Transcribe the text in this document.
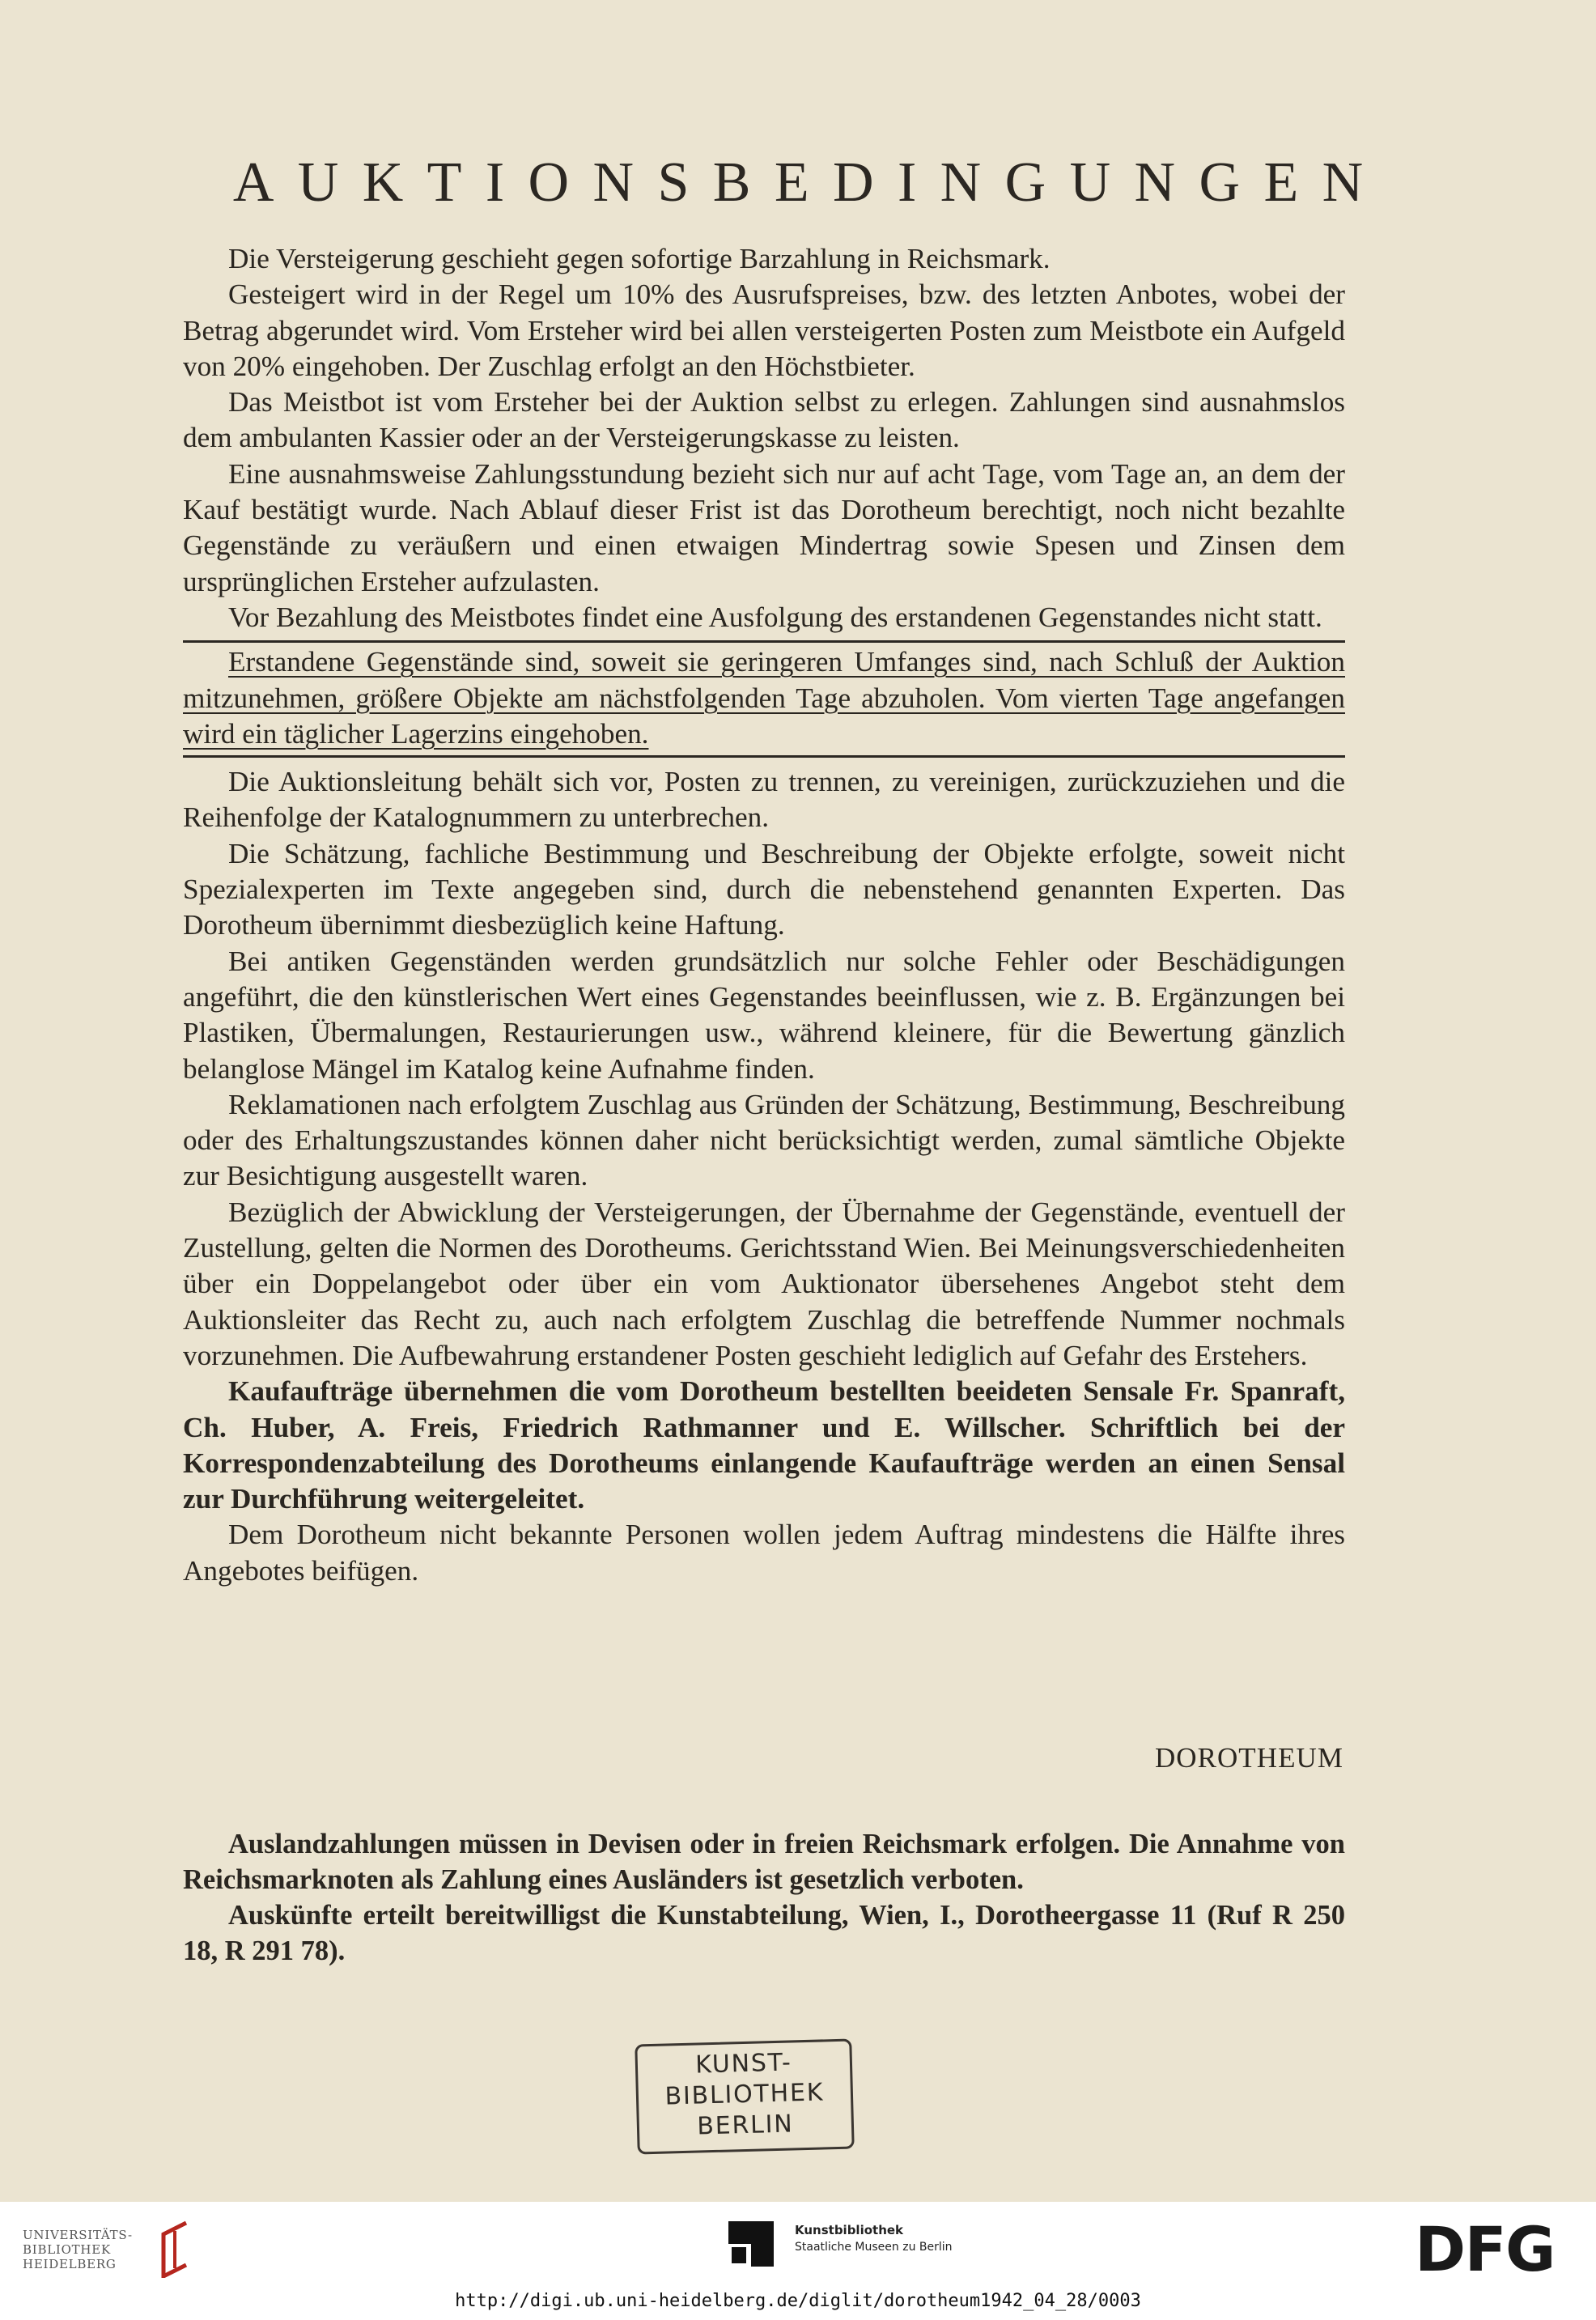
AUKTIONSBEDINGUNGEN

Die Versteigerung geschieht gegen sofortige Barzahlung in Reichsmark.

Gesteigert wird in der Regel um 10% des Ausrufspreises, bzw. des letzten Anbotes, wobei der Betrag abgerundet wird. Vom Ersteher wird bei allen versteigerten Posten zum Meistbote ein Aufgeld von 20% eingehoben. Der Zuschlag erfolgt an den Höchstbieter.

Das Meistbot ist vom Ersteher bei der Auktion selbst zu erlegen. Zahlungen sind ausnahmslos dem ambulanten Kassier oder an der Versteigerungskasse zu leisten.

Eine ausnahmsweise Zahlungsstundung bezieht sich nur auf acht Tage, vom Tage an, an dem der Kauf bestätigt wurde. Nach Ablauf dieser Frist ist das Dorotheum berechtigt, noch nicht bezahlte Gegenstände zu veräußern und einen etwaigen Mindertrag sowie Spesen und Zinsen dem ursprünglichen Ersteher aufzulasten.

Vor Bezahlung des Meistbotes findet eine Ausfolgung des erstandenen Gegenstandes nicht statt.

Erstandene Gegenstände sind, soweit sie geringeren Umfanges sind, nach Schluß der Auktion mitzunehmen, größere Objekte am nächstfolgenden Tage abzuholen. Vom vierten Tage angefangen wird ein täglicher Lagerzins eingehoben.

Die Auktionsleitung behält sich vor, Posten zu trennen, zu vereinigen, zurückzuziehen und die Reihenfolge der Katalognummern zu unterbrechen.

Die Schätzung, fachliche Bestimmung und Beschreibung der Objekte erfolgte, soweit nicht Spezialexperten im Texte angegeben sind, durch die nebenstehend genannten Experten. Das Dorotheum übernimmt diesbezüglich keine Haftung.

Bei antiken Gegenständen werden grundsätzlich nur solche Fehler oder Beschädigungen angeführt, die den künstlerischen Wert eines Gegenstandes beeinflussen, wie z. B. Ergänzungen bei Plastiken, Übermalungen, Restaurierungen usw., während kleinere, für die Bewertung gänzlich belanglose Mängel im Katalog keine Aufnahme finden.

Reklamationen nach erfolgtem Zuschlag aus Gründen der Schätzung, Bestimmung, Beschreibung oder des Erhaltungszustandes können daher nicht berücksichtigt werden, zumal sämtliche Objekte zur Besichtigung ausgestellt waren.

Bezüglich der Abwicklung der Versteigerungen, der Übernahme der Gegenstände, eventuell der Zustellung, gelten die Normen des Dorotheums. Gerichtsstand Wien. Bei Meinungsverschiedenheiten über ein Doppelangebot oder über ein vom Auktionator übersehenes Angebot steht dem Auktionsleiter das Recht zu, auch nach erfolgtem Zuschlag die betreffende Nummer nochmals vorzunehmen. Die Aufbewahrung erstandener Posten geschieht lediglich auf Gefahr des Erstehers.

Kaufaufträge übernehmen die vom Dorotheum bestellten beeideten Sensale Fr. Spanraft, Ch. Huber, A. Freis, Friedrich Rathmanner und E. Willscher. Schriftlich bei der Korrespondenzabteilung des Dorotheums einlangende Kaufaufträge werden an einen Sensal zur Durchführung weitergeleitet.

Dem Dorotheum nicht bekannte Personen wollen jedem Auftrag mindestens die Hälfte ihres Angebotes beifügen.

DOROTHEUM

Auslandzahlungen müssen in Devisen oder in freien Reichsmark erfolgen. Die Annahme von Reichsmarknoten als Zahlung eines Ausländers ist gesetzlich verboten.

Auskünfte erteilt bereitwilligst die Kunstabteilung, Wien, I., Dorotheergasse 11 (Ruf R 250 18, R 291 78).

KUNST-
BIBLIOTHEK
BERLIN
UNIVERSITÄTS-
BIBLIOTHEK
HEIDELBERG
Kunstbibliothek
Staatliche Museen zu Berlin	DFG
http://digi.ub.uni-heidelberg.de/diglit/dorotheum1942_04_28/0003
